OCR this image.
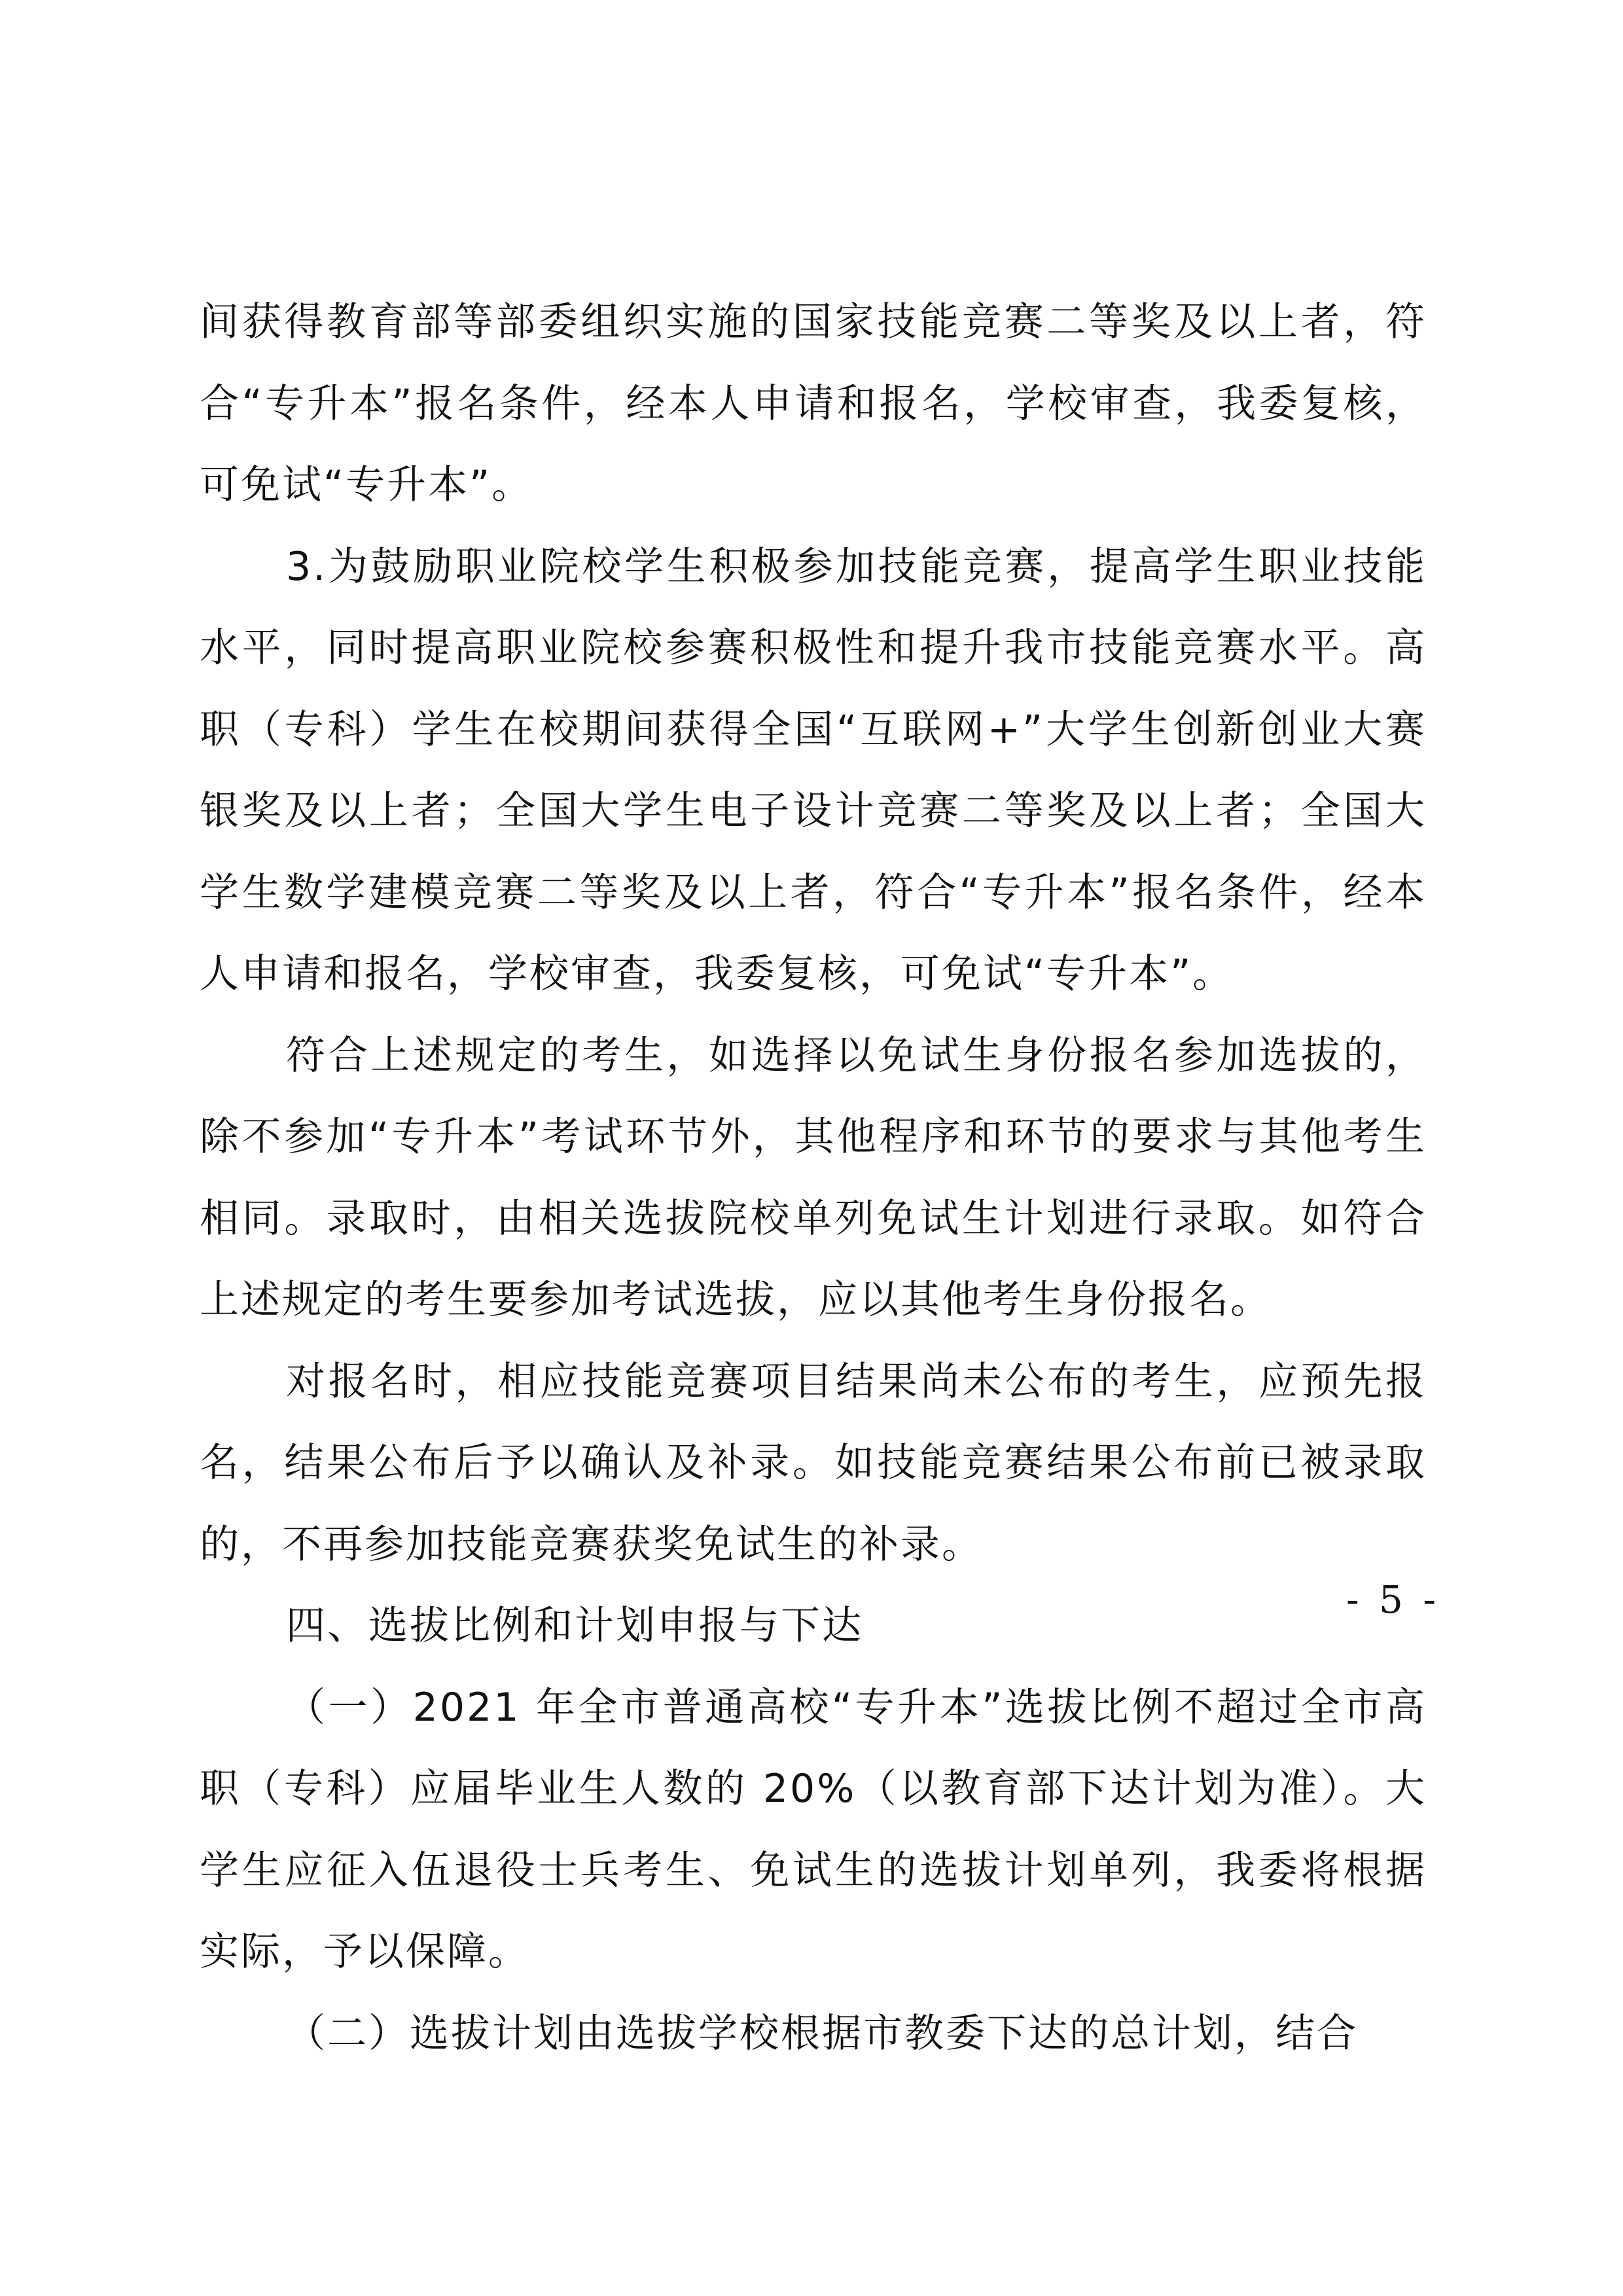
间获得教育部等部委组织实施的国家技能竞赛二等奖及以上者，符合“专升本”报名条件，经本人申请和报名，学校审查，我委复核，可免试“专升本”。

3.为鼓励职业院校学生积极参加技能竞赛，提高学生职业技能水平，同时提高职业院校参赛积极性和提升我市技能竞赛水平。高职（专科）学生在校期间获得全国“互联网+”大学生创新创业大赛银奖及以上者；全国大学生电子设计竞赛二等奖及以上者；全国大学生数学建模竞赛二等奖及以上者，符合“专升本”报名条件，经本人申请和报名，学校审查，我委复核，可免试“专升本”。

符合上述规定的考生，如选择以免试生身份报名参加选拔的，除不参加“专升本”考试环节外，其他程序和环节的要求与其他考生相同。录取时，由相关选拔院校单列免试生计划进行录取。如符合上述规定的考生要参加考试选拔，应以其他考生身份报名。

对报名时，相应技能竞赛项目结果尚未公布的考生，应预先报名，结果公布后予以确认及补录。如技能竞赛结果公布前已被录取的，不再参加技能竞赛获奖免试生的补录。

四、选拔比例和计划申报与下达

（一）2021 年全市普通高校“专升本”选拔比例不超过全市高职（专科）应届毕业生人数的 20%（以教育部下达计划为准）。大学生应征入伍退役士兵考生、免试生的选拔计划单列，我委将根据实际，予以保障。

（二）选拔计划由选拔学校根据市教委下达的总计划，结合

- 5 -
